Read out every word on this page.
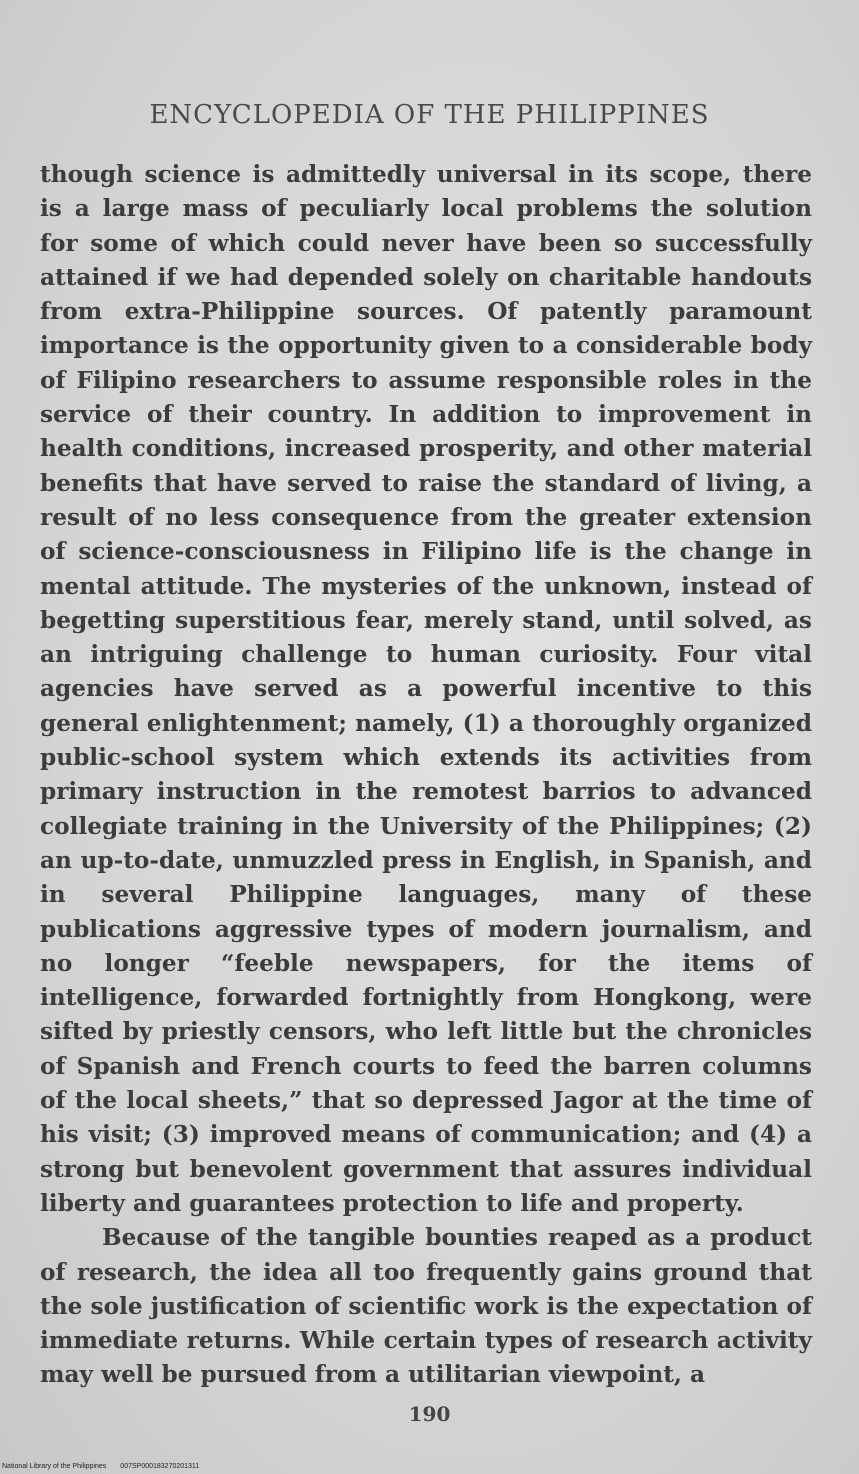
ENCYCLOPEDIA OF THE PHILIPPINES

though science is admittedly universal in its scope, there is a large mass of peculiarly local problems the solution for some of which could never have been so successfully attained if we had depended solely on charitable handouts from extra-Philippine sources. Of patently paramount importance is the opportunity given to a considerable body of Filipino researchers to assume responsible roles in the service of their country. In addition to improvement in health conditions, increased prosperity, and other material benefits that have served to raise the standard of living, a result of no less consequence from the greater extension of science-consciousness in Filipino life is the change in mental attitude. The mysteries of the unknown, instead of begetting superstitious fear, merely stand, until solved, as an intriguing challenge to human curiosity. Four vital agencies have served as a powerful incentive to this general enlightenment; namely, (1) a thoroughly organized public-school system which extends its activities from primary instruction in the remotest barrios to advanced collegiate training in the University of the Philippines; (2) an up-to-date, unmuzzled press in English, in Spanish, and in several Philippine languages, many of these publications aggressive types of modern journalism, and no longer “feeble newspapers, for the items of intelligence, forwarded fortnightly from Hongkong, were sifted by priestly censors, who left little but the chronicles of Spanish and French courts to feed the barren columns of the local sheets,” that so depressed Jagor at the time of his visit; (3) improved means of communication; and (4) a strong but benevolent government that assures individual liberty and guarantees protection to life and property.

Because of the tangible bounties reaped as a product of research, the idea all too frequently gains ground that the sole justification of scientific work is the expectation of immediate returns. While certain types of research activity may well be pursued from a utilitarian viewpoint, a

190
National Library of the Philippines 007SP000183270201311
